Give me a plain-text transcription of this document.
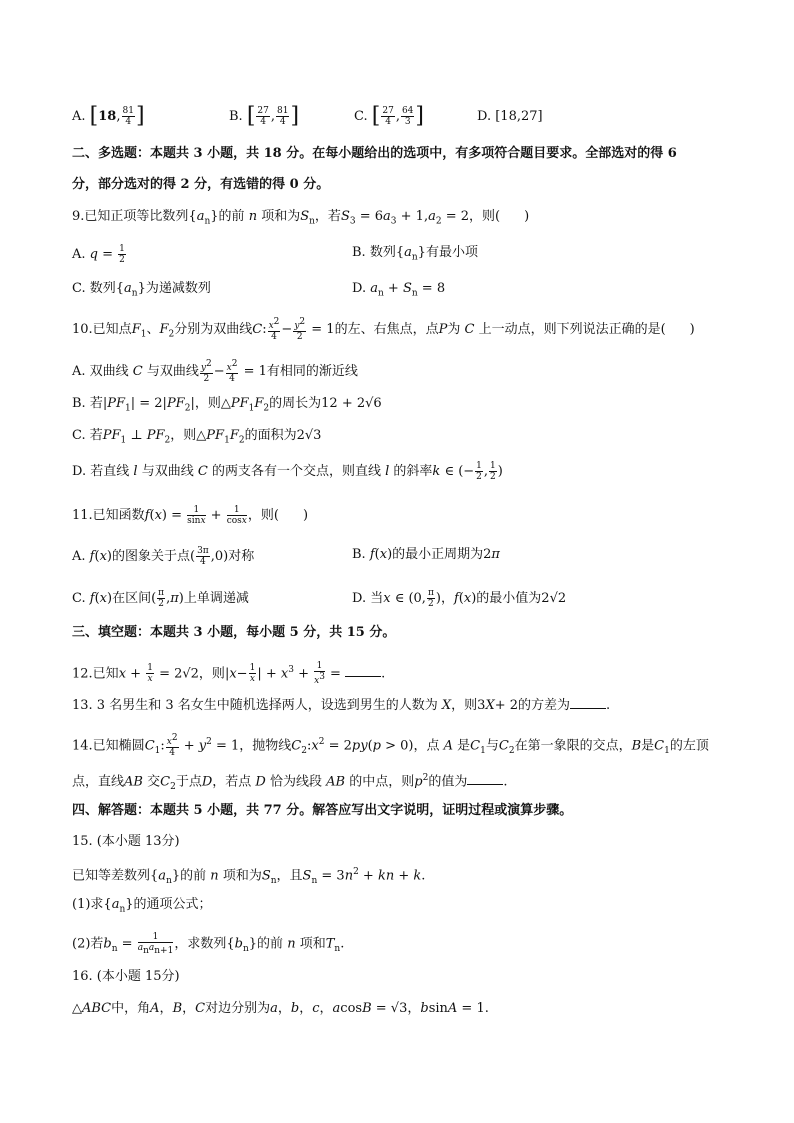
A. [18, $\frac{81}{4}$ ]	B. [ $\frac{27}{4}$ , $\frac{81}{4}$ ]	C. [ $\frac{27}{4}$ , $\frac{64}{3}$ ]	D. [18,27]
二、多选题：本题共 3 小题，共 18 分。在每小题给出的选项中，有多项符合题目要求。全部选对的得 6
分，部分选对的得 2 分，有选错的得 0 分。
9.已知正项等比数列$\{a_n\}$的前 n 项和为$S_n$，若$S_3 = 6a_3 + 1,a_2 = 2$，则( )
A. $q = \frac{1}{2}$	B. 数列$\{a_n\}$有最小项
C. 数列$\{a_n\}$为递减数列	D. $a_n + S_n = 8$
10.已知点$F_1$、$F_2$分别为双曲线C: $\frac{x^2}{4} - \frac{y^2}{2} = 1$的左、右焦点，点P为 C 上一动点，则下列说法正确的是( )
A. 双曲线 C 与双曲线 $\frac{y^2}{2} - \frac{x^2}{4} = 1$有相同的渐近线
B. 若$|PF_1| = 2|PF_2|$，则$\triangle PF_1F_2$的周长为12 + 2√6
C. 若$PF_1$ ⊥ $PF_2$，则$\triangle PF_1F_2$的面积为2√3
D. 若直线 l 与双曲线 C 的两支各有一个交点，则直线 l 的斜率k ∈ (− $\frac{1}{2}$ , $\frac{1}{2}$ )
11.已知函数$f(x) = \frac{1}{\sin x} + \frac{1}{\cos x}$ ，则( )
A. f(x)的图象关于点( $\frac{3\pi}{4} ,0$)对称	B. f(x)的最小正周期为2π
C. f(x)在区间( $\frac{\pi}{2} ,\pi$)上单调递减	D. 当x ∈ (0, $\frac{\pi}{2}$ )，f(x)的最小值为2√2
三、填空题：本题共 3 小题，每小题 5 分，共 15 分。
12.已知$x + \frac{1}{x} = 2√2$，则$|x- \frac{1}{x}$ | + $x^3 + \frac{1}{x^3}$ =	.
13. 3 名男生和 3 名女生中随机选择两人，设选到男生的人数为 X，则3X+ 2的方差为	.
14.已知椭圆$C_1$: $\frac{x^2}{4} + y^2 = 1$，抛物线$C_2:x^2 = 2py(p > 0)$，点 A 是$C_1$与$C_2$在第一象限的交点，B是$C_1$的左顶
点，直线AB 交$C_2$于点D，若点 D 恰为线段 AB 的中点，则$p^2$的值为	.
四、解答题：本题共 5 小题，共 77 分。解答应写出文字说明，证明过程或演算步骤。
15. (本小题 13分)
已知等差数列$\{a_n\}$的前 n 项和为$S_n$，且$S_n = 3n^2$ + kn + k.
(1)求$\{a_n\}$的通项公式；
(2)若$b_n = \frac{1}{a_na_{n+1}}$ ，求数列$\{b_n\}$的前 n 项和$T_n$.
16. (本小题 15分)
△ABC中，角A，B，C对边分别为a，b，c，acosB = √3，bsinA = 1.
